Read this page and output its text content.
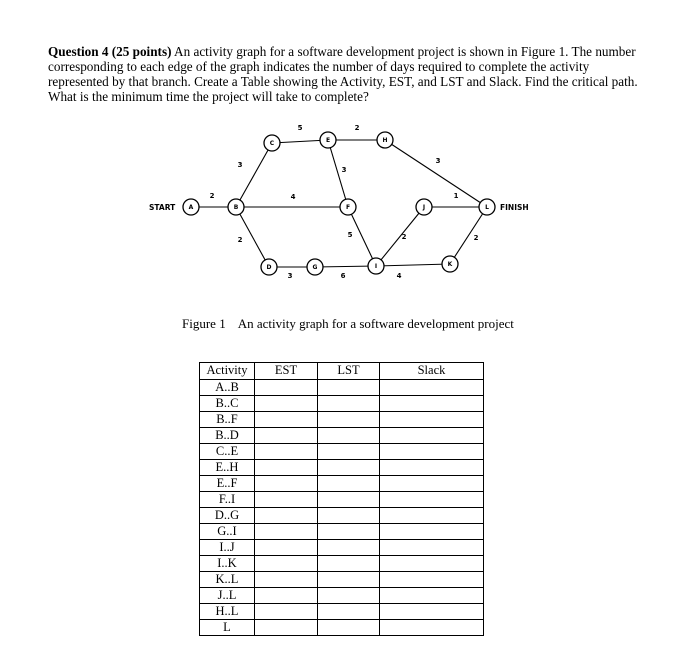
Question 4 (25 points) An activity graph for a software development project is shown in Figure 1. The number corresponding to each edge of the graph indicates the number of days required to complete the activity represented by that branch. Create a Table showing the Activity, EST, and LST and Slack. Find the critical path. What is the minimum time the project will take to complete?
2
3
4
2
5	2
3
5
3	6
2
4
2
1
3
A	B
C
D
E
F
G
H
I
J
K
L
START	FINISH
Figure 1 An activity graph for a software development project
Activity	EST	LST	Slack
A..B			
B..C			
B..F			
B..D			
C..E			
E..H			
E..F			
F..I			
D..G			
G..I			
I..J			
I..K			
K..L			
J..L			
H..L			
L			
